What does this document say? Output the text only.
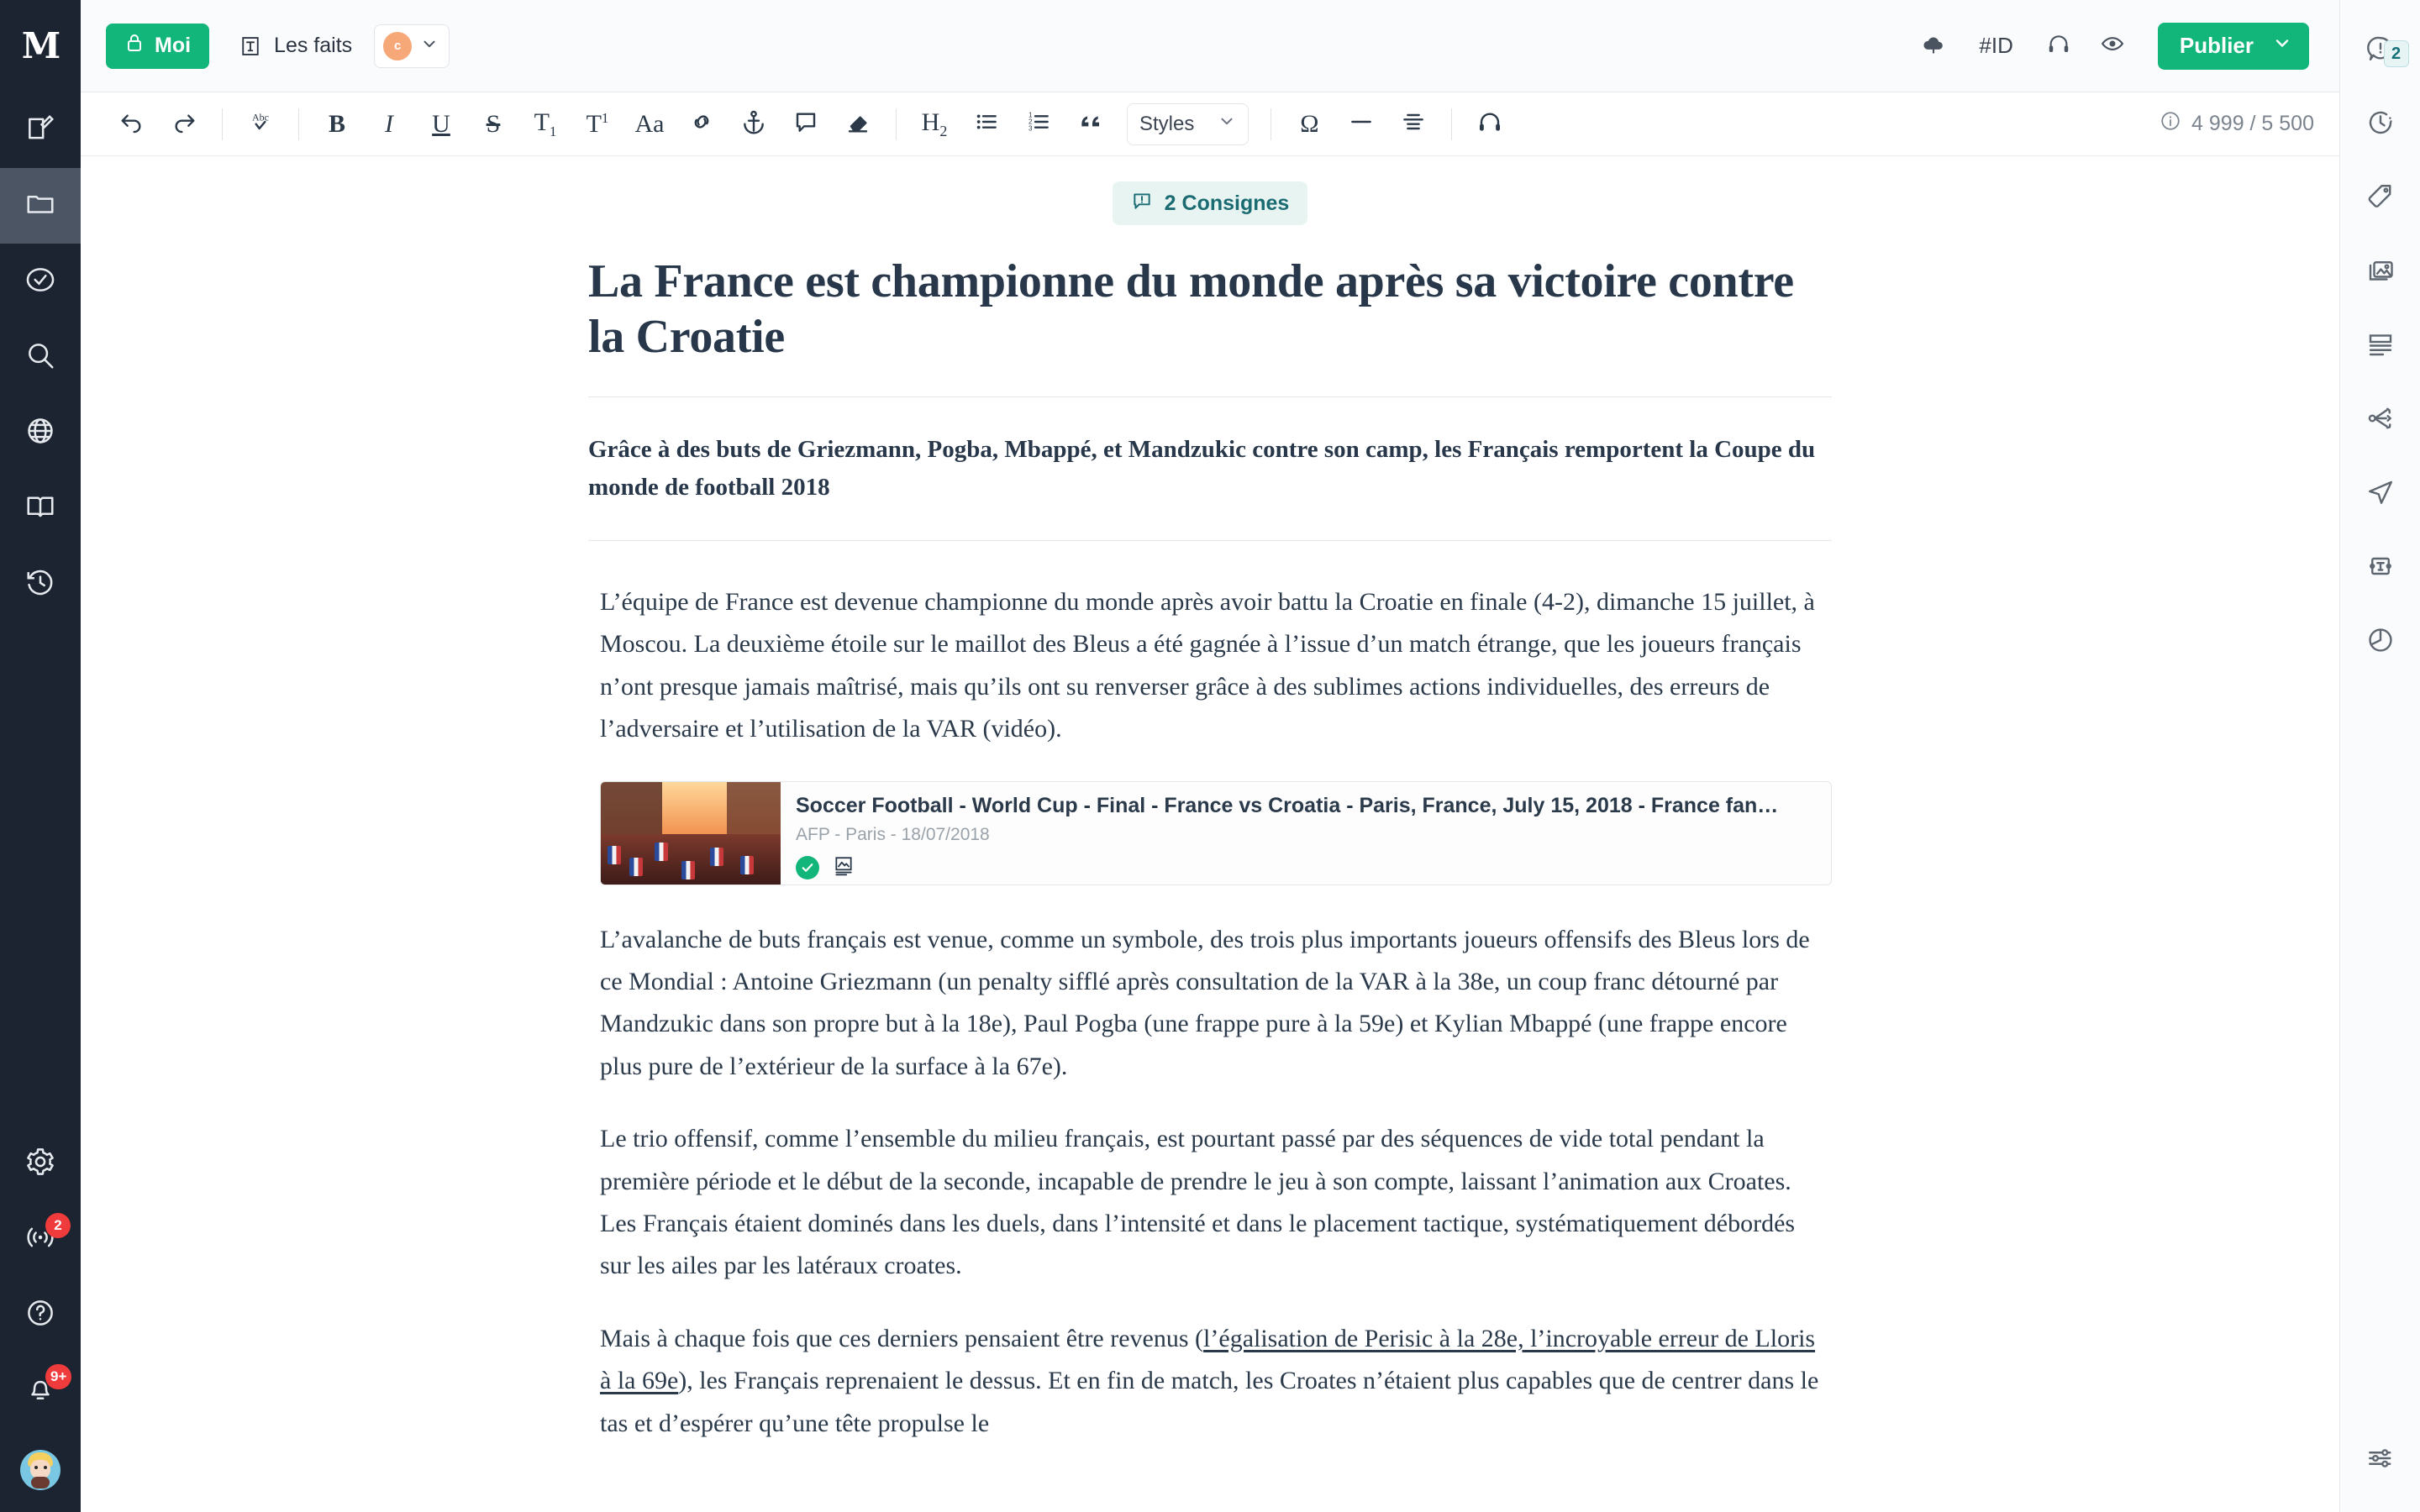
M
2
9+
Moi	Les faits	c	#ID	Publier
Abc B I U S $T_1$ $T^1$ Aa	$H_2$
1
2
3	Styles	Ω	4 999 / 5 500
2 Consignes
La France est championne du monde après sa victoire contre la Croatie
Grâce à des buts de Griezmann, Pogba, Mbappé, et Mandzukic contre son camp, les Français remportent la Coupe du monde de football 2018

L’équipe de France est devenue championne du monde après avoir battu la Croatie en finale (4-2), dimanche 15 juillet, à Moscou. La deuxième étoile sur le maillot des Bleus a été gagnée à l’issue d’un match étrange, que les joueurs français n’ont presque jamais maîtrisé, mais qu’ils ont su renverser grâce à des sublimes actions individuelles, des erreurs de l’adversaire et l’utilisation de la VAR (vidéo).

Soccer Football - World Cup - Final - France vs Croatia - Paris, France, July 15, 2018 - France fan…
AFP - Paris - 18/07/2018

L’avalanche de buts français est venue, comme un symbole, des trois plus importants joueurs offensifs des Bleus lors de ce Mondial : Antoine Griezmann (un penalty sifflé après consultation de la VAR à la 38e, un coup franc détourné par Mandzukic dans son propre but à la 18e), Paul Pogba (une frappe pure à la 59e) et Kylian Mbappé (une frappe encore plus pure de l’extérieur de la surface à la 67e).

Le trio offensif, comme l’ensemble du milieu français, est pourtant passé par des séquences de vide total pendant la première période et le début de la seconde, incapable de prendre le jeu à son compte, laissant l’animation aux Croates. Les Français étaient dominés dans les duels, dans l’intensité et dans le placement tactique, systématiquement débordés sur les ailes par les latéraux croates.

Mais à chaque fois que ces derniers pensaient être revenus (l’égalisation de Perisic à la 28e, l’incroyable erreur de Lloris à la 69e), les Français reprenaient le dessus. Et en fin de match, les Croates n’étaient plus capables que de centrer dans le tas et d’espérer qu’une tête propulse le

2
